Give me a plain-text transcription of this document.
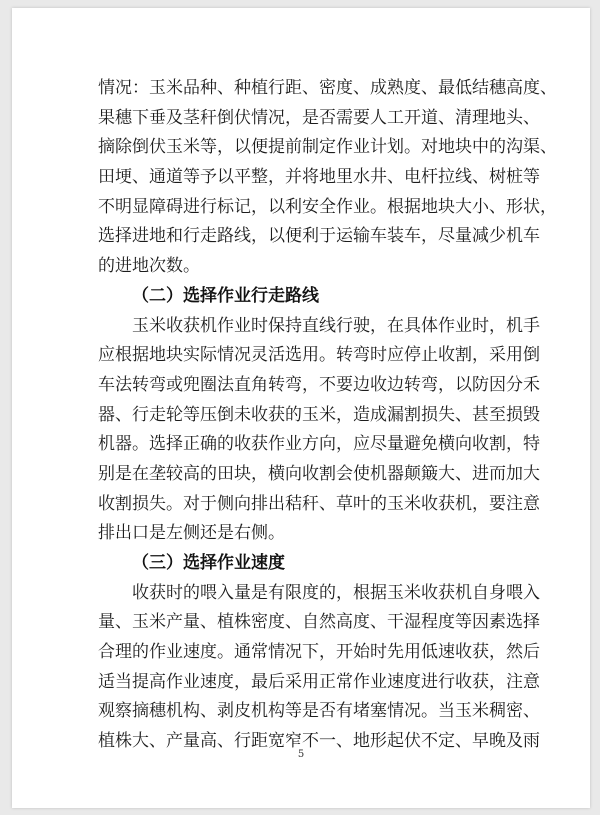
情况：玉米品种、种植行距、密度、成熟度、最低结穗高度、
果穗下垂及茎秆倒伏情况，是否需要人工开道、清理地头、
摘除倒伏玉米等，以便提前制定作业计划。对地块中的沟渠、
田埂、通道等予以平整，并将地里水井、电杆拉线、树桩等
不明显障碍进行标记，以利安全作业。根据地块大小、形状，
选择进地和行走路线，以便利于运输车装车，尽量减少机车
的进地次数。
（二）选择作业行走路线
玉米收获机作业时保持直线行驶，在具体作业时，机手
应根据地块实际情况灵活选用。转弯时应停止收割，采用倒
车法转弯或兜圈法直角转弯，不要边收边转弯，以防因分禾
器、行走轮等压倒未收获的玉米，造成漏割损失、甚至损毁
机器。选择正确的收获作业方向，应尽量避免横向收割，特
别是在垄较高的田块，横向收割会使机器颠簸大、进而加大
收割损失。对于侧向排出秸秆、草叶的玉米收获机，要注意
排出口是左侧还是右侧。
（三）选择作业速度
收获时的喂入量是有限度的，根据玉米收获机自身喂入
量、玉米产量、植株密度、自然高度、干湿程度等因素选择
合理的作业速度。通常情况下，开始时先用低速收获，然后
适当提高作业速度，最后采用正常作业速度进行收获，注意
观察摘穗机构、剥皮机构等是否有堵塞情况。当玉米稠密、
植株大、产量高、行距宽窄不一、地形起伏不定、早晚及雨
5
